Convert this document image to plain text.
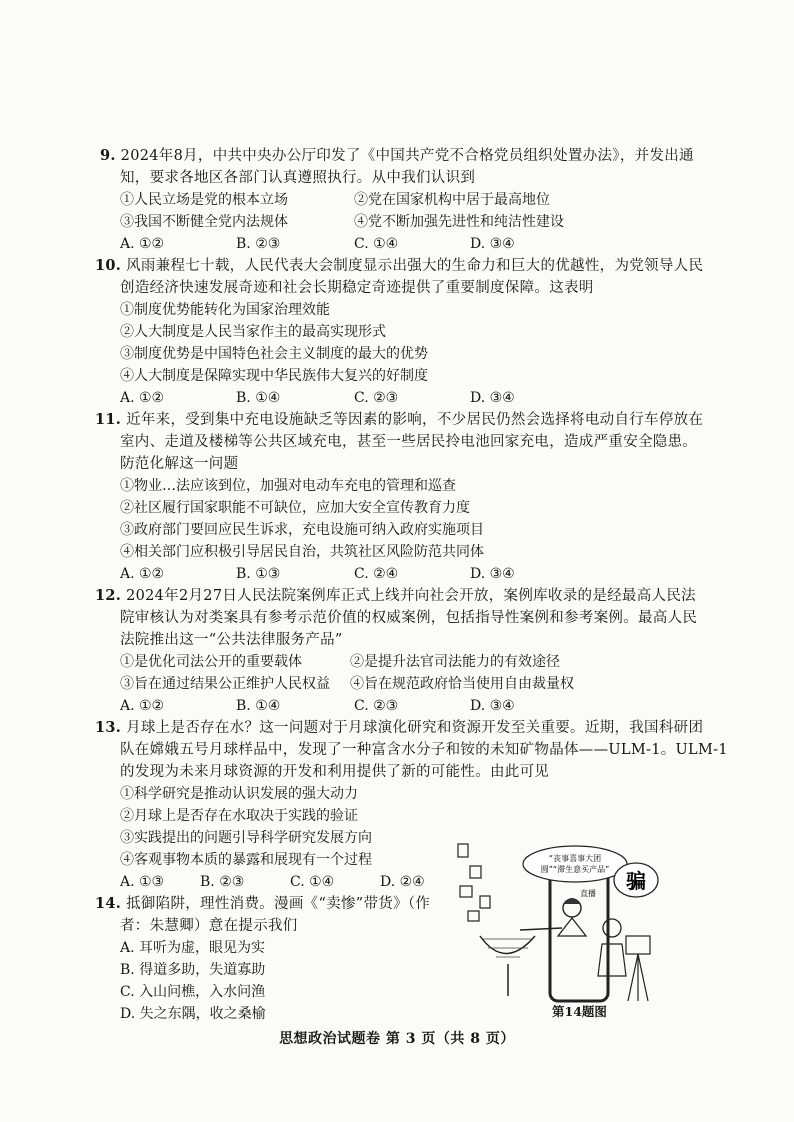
9. 2024年8月，中共中央办公厅印发了《中国共产党不合格党员组织处置办法》，并发出通
知，要求各地区各部门认真遵照执行。从中我们认识到
①人民立场是党的根本立场	②党在国家机构中居于最高地位
③我国不断健全党内法规体	④党不断加强先进性和纯洁性建设
A. ①②	B. ②③	C. ①④	D. ③④
10. 风雨兼程七十载，人民代表大会制度显示出强大的生命力和巨大的优越性，为党领导人民
创造经济快速发展奇迹和社会长期稳定奇迹提供了重要制度保障。这表明
①制度优势能转化为国家治理效能
②人大制度是人民当家作主的最高实现形式
③制度优势是中国特色社会主义制度的最大的优势
④人大制度是保障实现中华民族伟大复兴的好制度
A. ①②	B. ①④	C. ②③	D. ③④
11. 近年来，受到集中充电设施缺乏等因素的影响，不少居民仍然会选择将电动自行车停放在
室内、走道及楼梯等公共区域充电，甚至一些居民拎电池回家充电，造成严重安全隐患。
防范化解这一问题
①物业…法应该到位，加强对电动车充电的管理和巡查
②社区履行国家职能不可缺位，应加大安全宣传教育力度
③政府部门要回应民生诉求，充电设施可纳入政府实施项目
④相关部门应积极引导居民自治，共筑社区风险防范共同体
A. ①②	B. ①③	C. ②④	D. ③④
12. 2024年2月27日人民法院案例库正式上线并向社会开放，案例库收录的是经最高人民法
院审核认为对类案具有参考示范价值的权威案例，包括指导性案例和参考案例。最高人民
法院推出这一“公共法律服务产品”
①是优化司法公开的重要载体	②是提升法官司法能力的有效途径
③旨在通过结果公正维护人民权益 ④旨在规范政府恰当使用自由裁量权
A. ①②	B. ①④	C. ②③	D. ③④
13. 月球上是否存在水？这一问题对于月球演化研究和资源开发至关重要。近期，我国科研团
队在嫦娥五号月球样品中，发现了一种富含水分子和铵的未知矿物晶体——ULM-1。ULM-1
的发现为未来月球资源的开发和利用提供了新的可能性。由此可见
①科学研究是推动认识发展的强大动力
②月球上是否存在水取决于实践的验证
③实践提出的问题引导科学研究发展方向
④客观事物本质的暴露和展现有一个过程
A. ①③	B. ②③	C. ①④	D. ②④
14. 抵御陷阱，理性消费。漫画《“卖惨”带货》（作
者：朱慧卿）意在提示我们
A. 耳听为虚，眼见为实
B. 得道多助，失道寡助
C. 入山问樵，入水问渔
D. 失之东隅，收之桑榆
“丧事喜事大团
圆”“滞生意买产品”
直播
骗
第14题图
思想政治试题卷 第 3 页（共 8 页）
